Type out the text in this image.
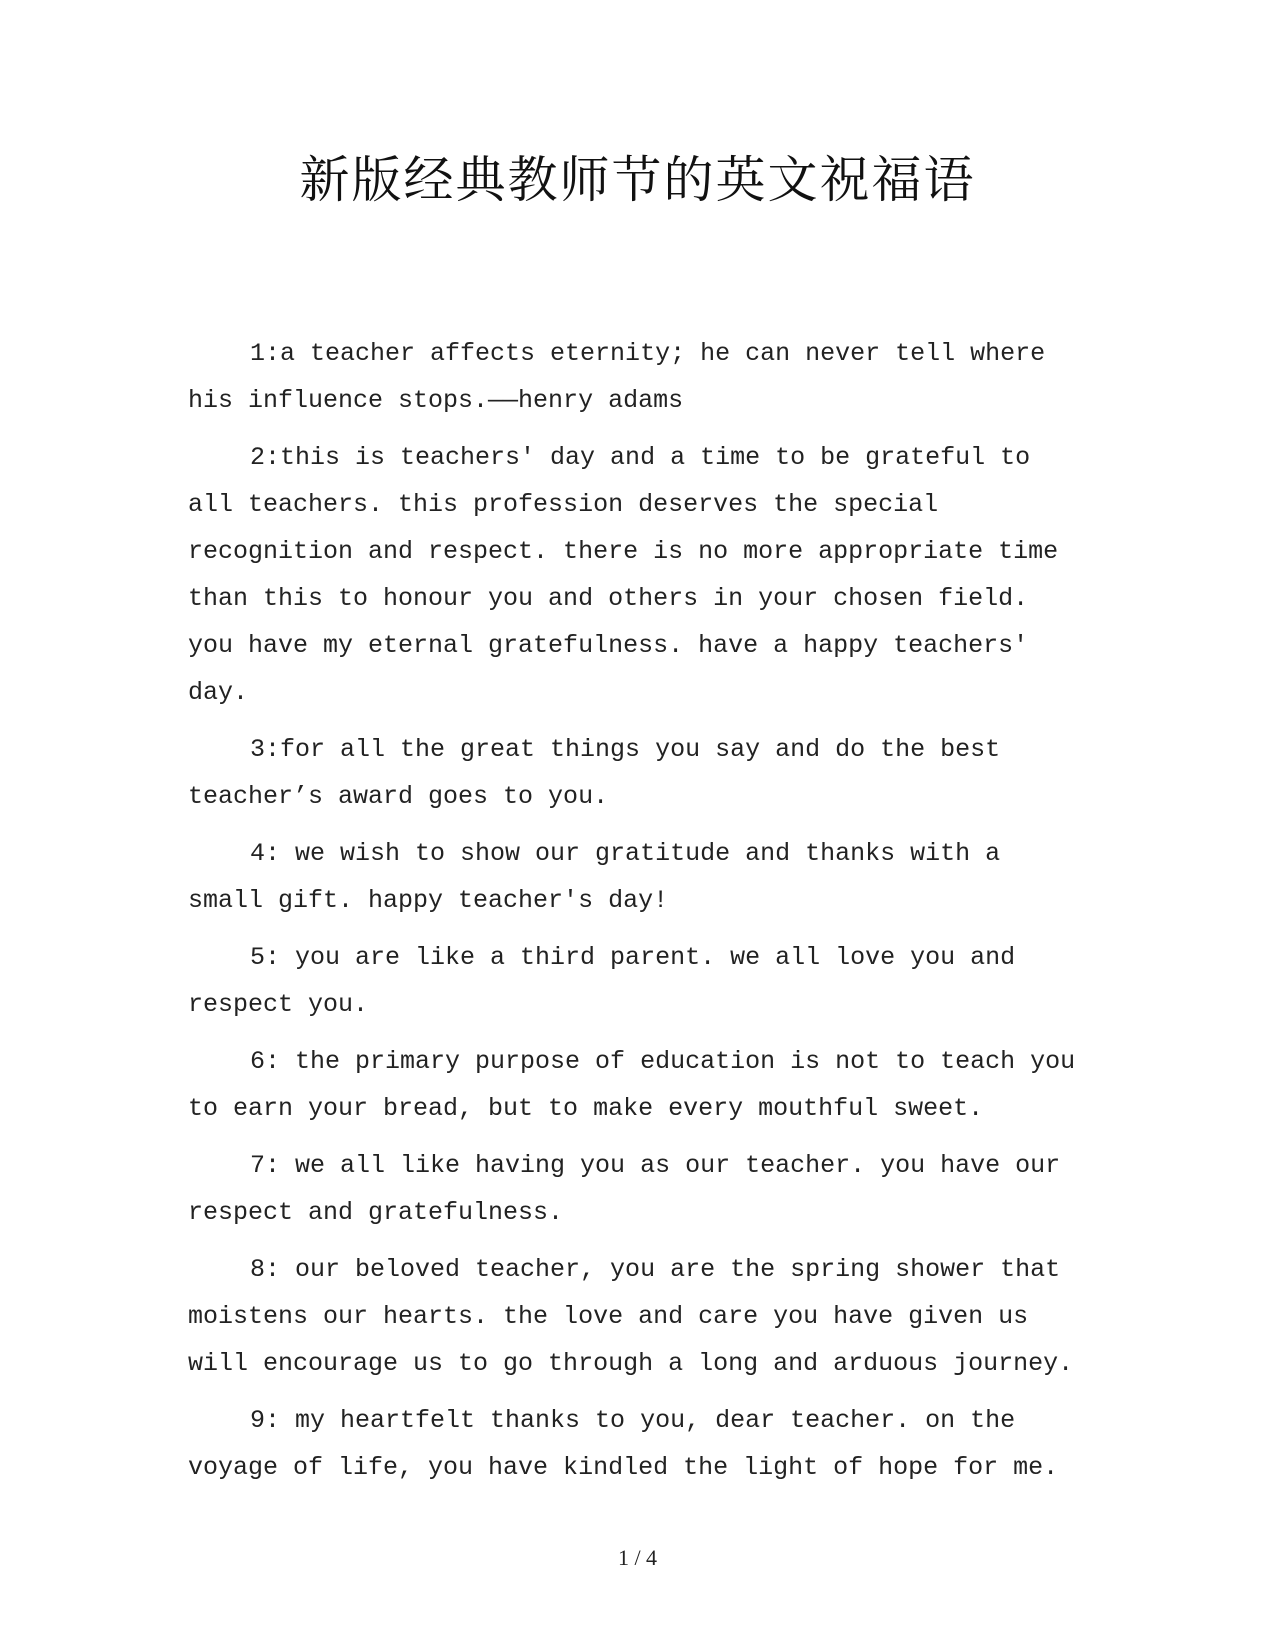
新版经典教师节的英文祝福语

1:a teacher affects eternity; he can never tell where his influence stops.——henry adams

2:this is teachers' day and a time to be grateful to all teachers. this profession deserves the special recognition and respect. there is no more appropriate time than this to honour you and others in your chosen field. you have my eternal gratefulness. have a happy teachers' day.

3:for all the great things you say and do the best teacher’s award goes to you.

4: we wish to show our gratitude and thanks with a small gift. happy teacher's day!

5: you are like a third parent. we all love you and respect you.

6: the primary purpose of education is not to teach you to earn your bread, but to make every mouthful sweet.

7: we all like having you as our teacher. you have our respect and gratefulness.

8: our beloved teacher, you are the spring shower that moistens our hearts. the love and care you have given us will encourage us to go through a long and arduous journey.

9: my heartfelt thanks to you, dear teacher. on the voyage of life, you have kindled the light of hope for me.

1 / 4
